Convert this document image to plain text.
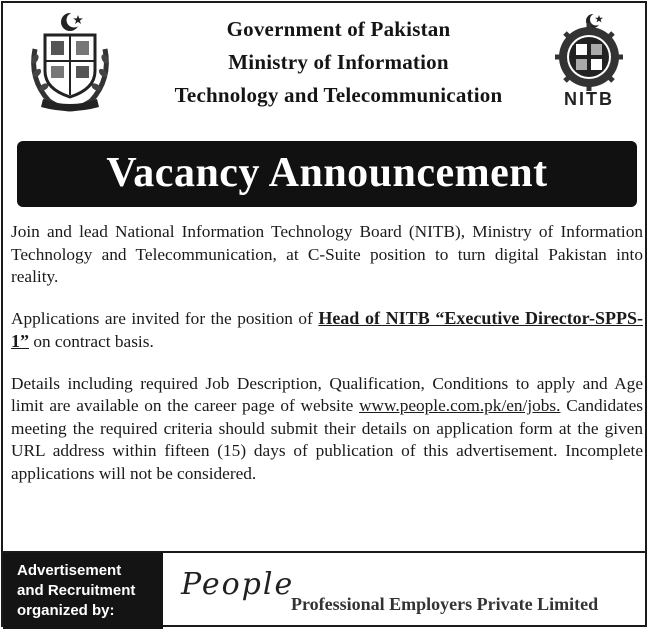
Government of Pakistan
Ministry of Information
Technology and Telecommunication	NITB
Vacancy Announcement

Join and lead National Information Technology Board (NITB), Ministry of Information Technology and Telecommunication, at C-Suite position to turn digital Pakistan into reality.

Applications are invited for the position of Head of NITB “Executive Director-SPPS-1” on contract basis.

Details including required Job Description, Qualification, Conditions to apply and Age limit are available on the career page of website www.people.com.pk/en/jobs. Candidates meeting the required criteria should submit their details on application form at the given URL address within fifteen (15) days of publication of this advertisement. Incomplete applications will not be considered.

Advertisement
and Recruitment
organized by:
People
Professional Employers Private Limited
